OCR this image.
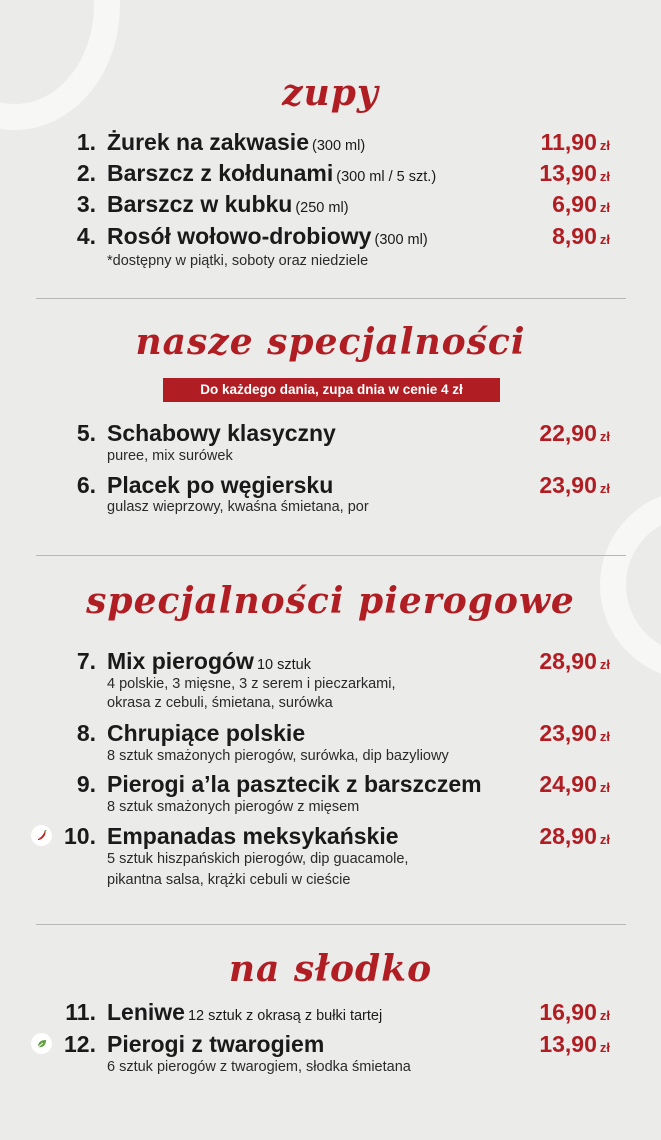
zupy
1. Żurek na zakwasie (300 ml)	11,90 zł
2. Barszcz z kołdunami (300 ml / 5 szt.)	13,90 zł
3. Barszcz w kubku (250 ml)	6,90 zł
4. Rosół wołowo-drobiowy (300 ml)	8,90 zł
*dostępny w piątki, soboty oraz niedziele
nasze specjalności
Do każdego dania, zupa dnia w cenie 4 zł
5. Schabowy klasyczny	22,90 zł
puree, mix surówek
6. Placek po węgiersku	23,90 zł
gulasz wieprzowy, kwaśna śmietana, por
specjalności pierogowe
7. Mix pierogów 10 sztuk	28,90 zł
4 polskie, 3 mięsne, 3 z serem i pieczarkami,
okrasa z cebuli, śmietana, surówka
8. Chrupiące polskie	23,90 zł
8 sztuk smażonych pierogów, surówka, dip bazyliowy
9. Pierogi a’la pasztecik z barszczem	24,90 zł
8 sztuk smażonych pierogów z mięsem
10. Empanadas meksykańskie	28,90 zł
5 sztuk hiszpańskich pierogów, dip guacamole,
pikantna salsa, krążki cebuli w cieście
na słodko
11. Leniwe 12 sztuk z okrasą z bułki tartej	16,90 zł
12. Pierogi z twarogiem	13,90 zł
6 sztuk pierogów z twarogiem, słodka śmietana
